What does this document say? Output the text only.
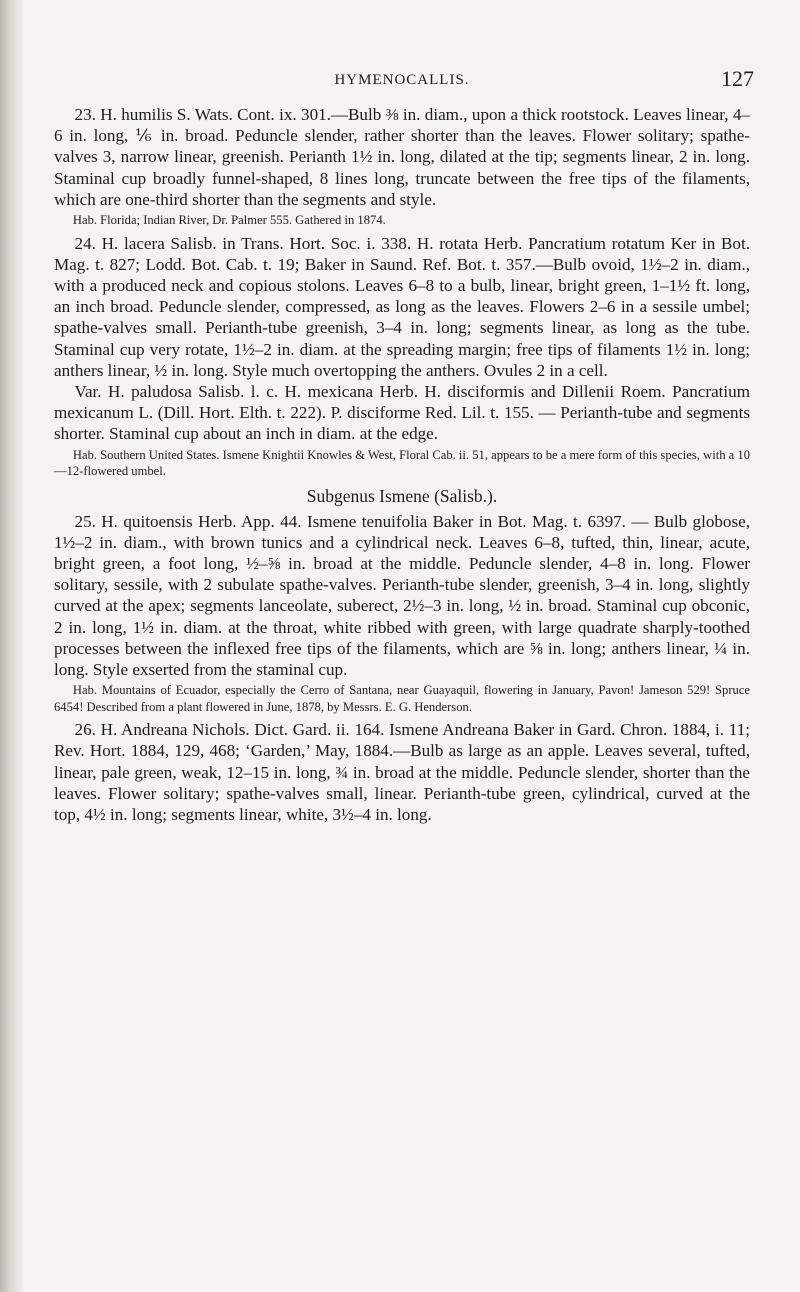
HYMENOCALLIS.	127

23. H. humilis S. Wats. Cont. ix. 301.—Bulb ⅜ in. diam., upon a thick rootstock. Leaves linear, 4–6 in. long, ⅙ in. broad. Peduncle slender, rather shorter than the leaves. Flower solitary; spathe-valves 3, narrow linear, greenish. Perianth 1½ in. long, dilated at the tip; segments linear, 2 in. long. Staminal cup broadly funnel-shaped, 8 lines long, truncate between the free tips of the filaments, which are one-third shorter than the segments and style.

Hab. Florida; Indian River, Dr. Palmer 555. Gathered in 1874.

24. H. lacera Salisb. in Trans. Hort. Soc. i. 338. H. rotata Herb. Pancratium rotatum Ker in Bot. Mag. t. 827; Lodd. Bot. Cab. t. 19; Baker in Saund. Ref. Bot. t. 357.—Bulb ovoid, 1½–2 in. diam., with a produced neck and copious stolons. Leaves 6–8 to a bulb, linear, bright green, 1–1½ ft. long, an inch broad. Peduncle slender, compressed, as long as the leaves. Flowers 2–6 in a sessile umbel; spathe-valves small. Perianth-tube greenish, 3–4 in. long; segments linear, as long as the tube. Staminal cup very rotate, 1½–2 in. diam. at the spreading margin; free tips of filaments 1½ in. long; anthers linear, ½ in. long. Style much overtopping the anthers. Ovules 2 in a cell.

Var. H. paludosa Salisb. l. c. H. mexicana Herb. H. disciformis and Dillenii Roem. Pancratium mexicanum L. (Dill. Hort. Elth. t. 222). P. disciforme Red. Lil. t. 155. — Perianth-tube and segments shorter. Staminal cup about an inch in diam. at the edge.

Hab. Southern United States. Ismene Knightii Knowles & West, Floral Cab. ii. 51, appears to be a mere form of this species, with a 10—12-flowered umbel.

Subgenus Ismene (Salisb.).

25. H. quitoensis Herb. App. 44. Ismene tenuifolia Baker in Bot. Mag. t. 6397. — Bulb globose, 1½–2 in. diam., with brown tunics and a cylindrical neck. Leaves 6–8, tufted, thin, linear, acute, bright green, a foot long, ½–⅝ in. broad at the middle. Peduncle slender, 4–8 in. long. Flower solitary, sessile, with 2 subulate spathe-valves. Perianth-tube slender, greenish, 3–4 in. long, slightly curved at the apex; segments lanceolate, suberect, 2½–3 in. long, ½ in. broad. Staminal cup obconic, 2 in. long, 1½ in. diam. at the throat, white ribbed with green, with large quadrate sharply-toothed processes between the inflexed free tips of the filaments, which are ⅝ in. long; anthers linear, ¼ in. long. Style exserted from the staminal cup.

Hab. Mountains of Ecuador, especially the Cerro of Santana, near Guayaquil, flowering in January, Pavon! Jameson 529! Spruce 6454! Described from a plant flowered in June, 1878, by Messrs. E. G. Henderson.

26. H. Andreana Nichols. Dict. Gard. ii. 164. Ismene Andreana Baker in Gard. Chron. 1884, i. 11; Rev. Hort. 1884, 129, 468; ‘Garden,’ May, 1884.—Bulb as large as an apple. Leaves several, tufted, linear, pale green, weak, 12–15 in. long, ¾ in. broad at the middle. Peduncle slender, shorter than the leaves. Flower solitary; spathe-valves small, linear. Perianth-tube green, cylindrical, curved at the top, 4½ in. long; segments linear, white, 3½–4 in. long.
